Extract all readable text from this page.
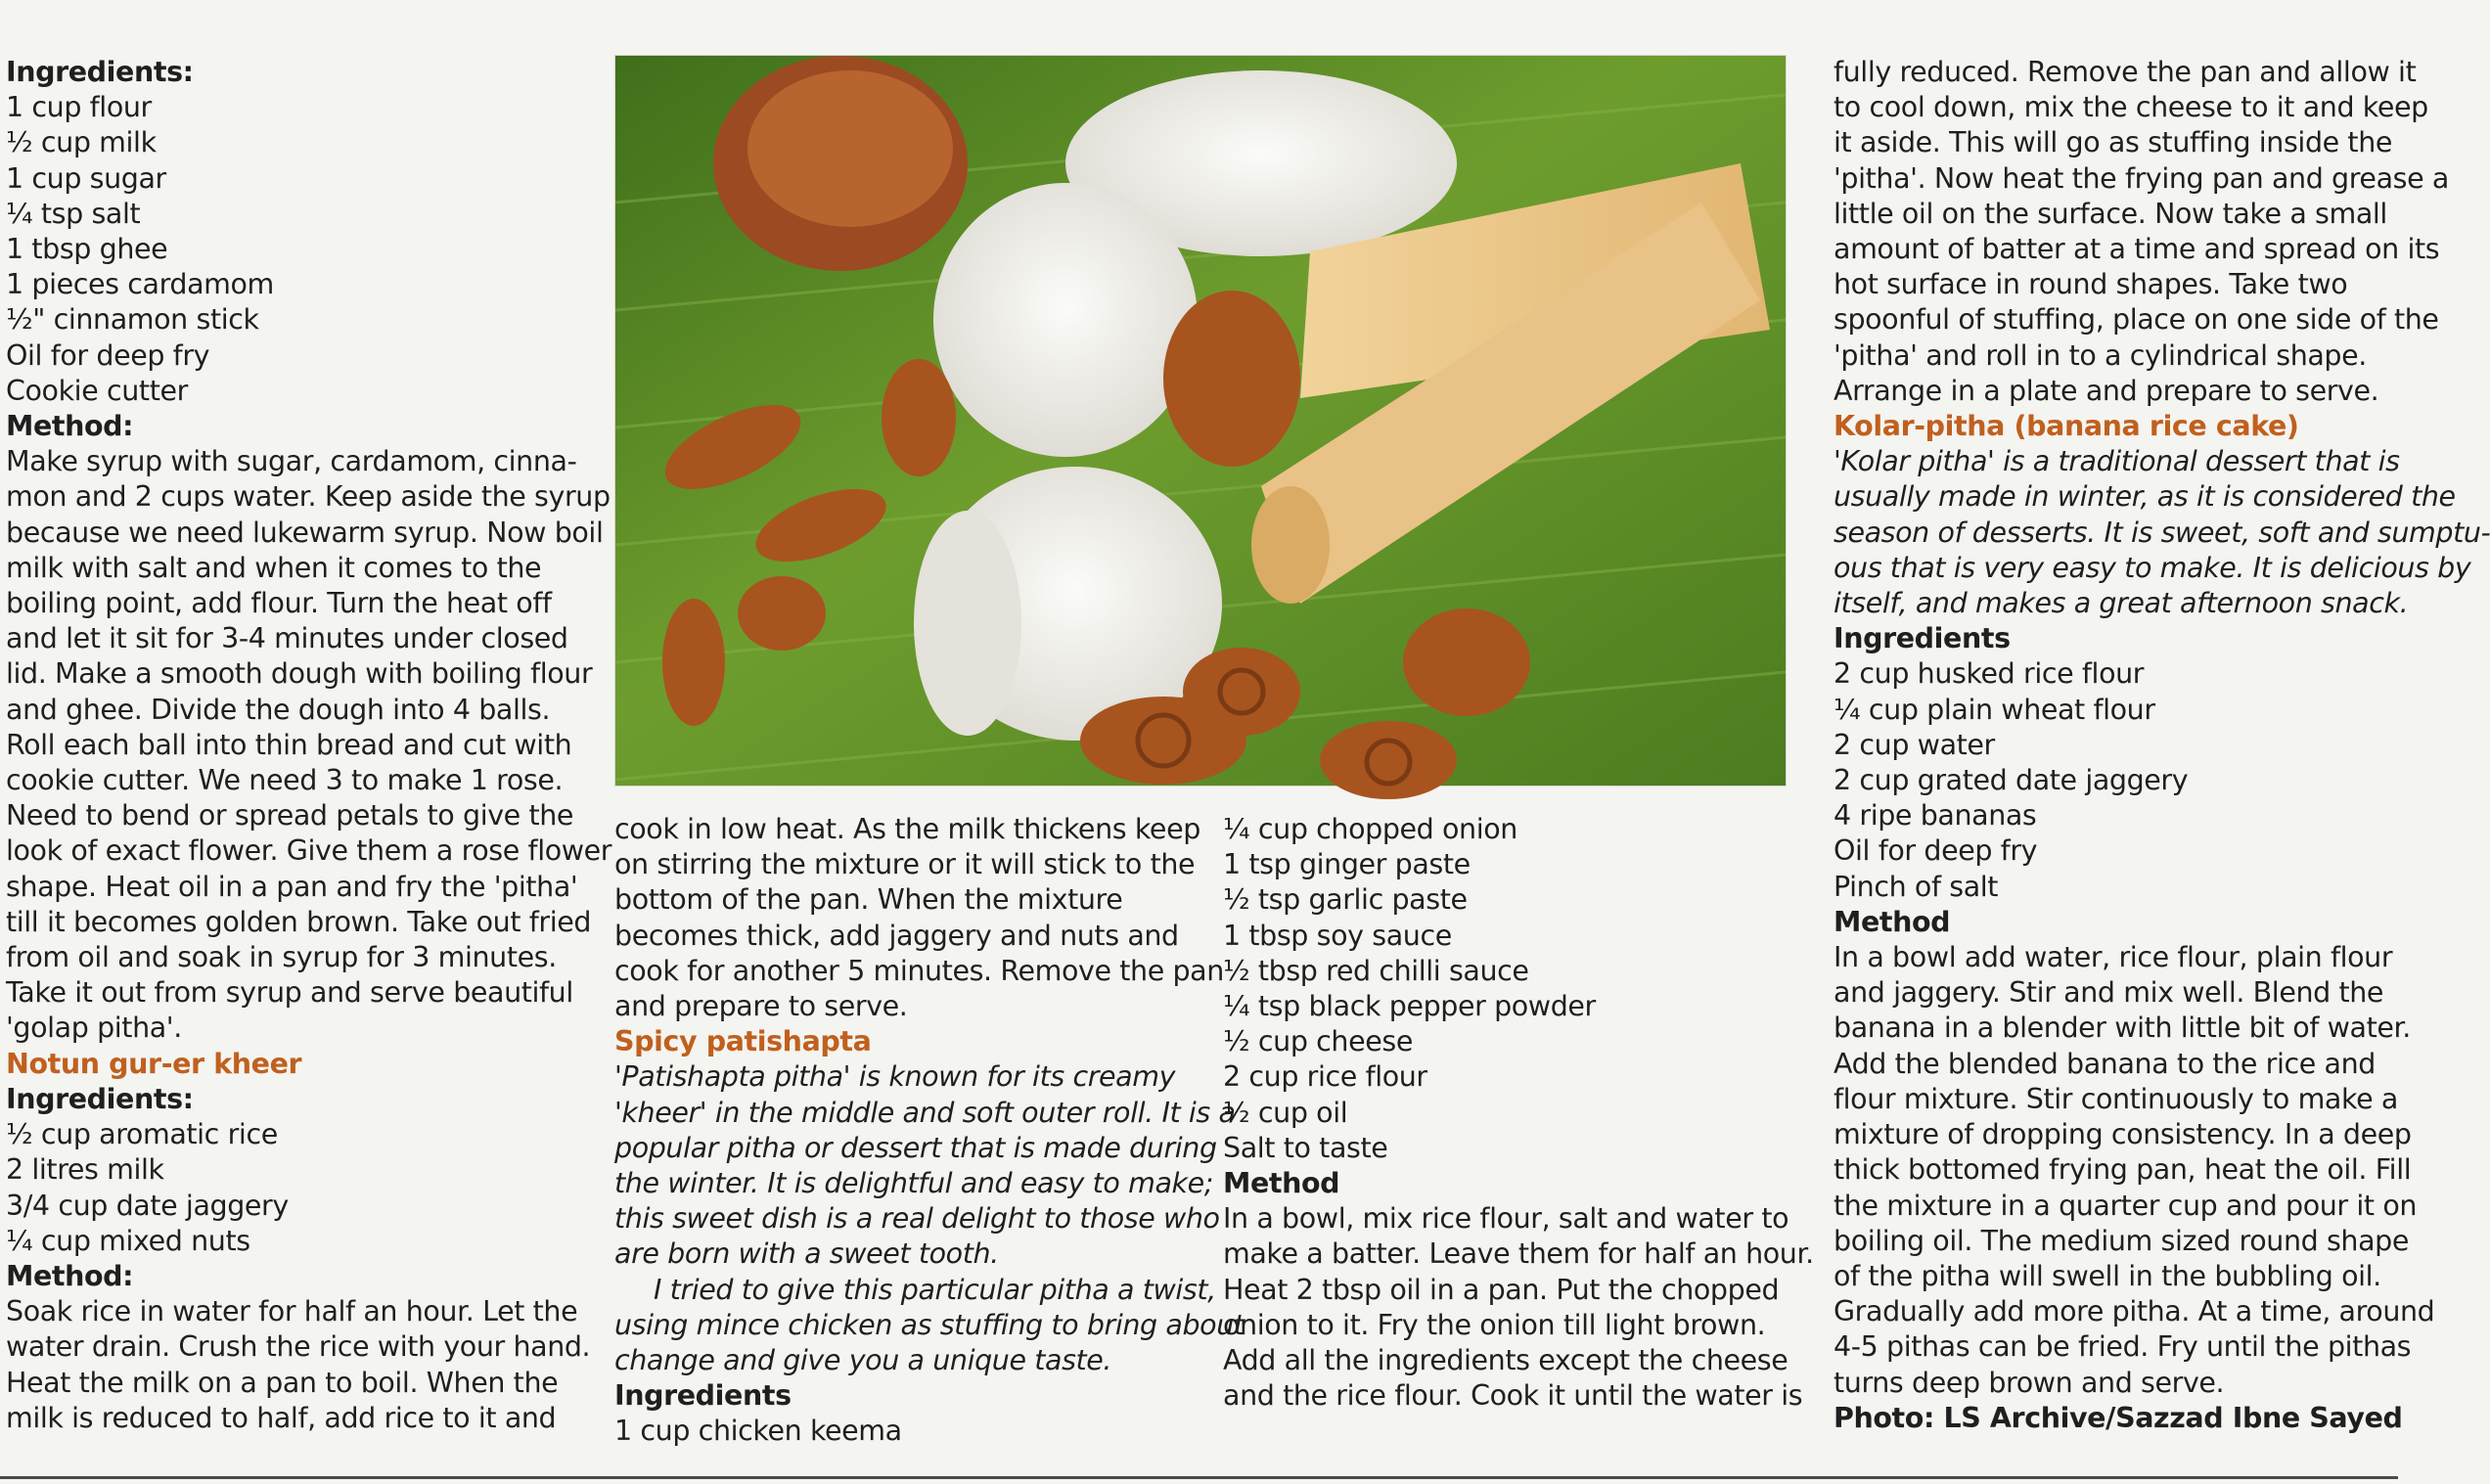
Ingredients:
1 cup flour
½ cup milk
1 cup sugar
¼ tsp salt
1 tbsp ghee
1 pieces cardamom
½" cinnamon stick
Oil for deep fry
Cookie cutter
Method:
Make syrup with sugar, cardamom, cinna-
mon and 2 cups water. Keep aside the syrup
because we need lukewarm syrup. Now boil
milk with salt and when it comes to the
boiling point, add flour. Turn the heat off
and let it sit for 3-4 minutes under closed
lid. Make a smooth dough with boiling flour
and ghee. Divide the dough into 4 balls.
Roll each ball into thin bread and cut with
cookie cutter. We need 3 to make 1 rose.
Need to bend or spread petals to give the
look of exact flower. Give them a rose flower
shape. Heat oil in a pan and fry the 'pitha'
till it becomes golden brown. Take out fried
from oil and soak in syrup for 3 minutes.
Take it out from syrup and serve beautiful
'golap pitha'.
Notun gur-er kheer
Ingredients:
½ cup aromatic rice
2 litres milk
3/4 cup date jaggery
¼ cup mixed nuts
Method:
Soak rice in water for half an hour. Let the
water drain. Crush the rice with your hand.
Heat the milk on a pan to boil. When the
milk is reduced to half, add rice to it and
cook in low heat. As the milk thickens keep
on stirring the mixture or it will stick to the
bottom of the pan. When the mixture
becomes thick, add jaggery and nuts and
cook for another 5 minutes. Remove the pan
and prepare to serve.
Spicy patishapta
'Patishapta pitha' is known for its creamy
'kheer' in the middle and soft outer roll. It is a
popular pitha or dessert that is made during
the winter. It is delightful and easy to make;
this sweet dish is a real delight to those who
are born with a sweet tooth.
I tried to give this particular pitha a twist,
using mince chicken as stuffing to bring about
change and give you a unique taste.
Ingredients
1 cup chicken keema
¼ cup chopped onion
1 tsp ginger paste
½ tsp garlic paste
1 tbsp soy sauce
½ tbsp red chilli sauce
¼ tsp black pepper powder
½ cup cheese
2 cup rice flour
½ cup oil
Salt to taste
Method
In a bowl, mix rice flour, salt and water to
make a batter. Leave them for half an hour.
Heat 2 tbsp oil in a pan. Put the chopped
onion to it. Fry the onion till light brown.
Add all the ingredients except the cheese
and the rice flour. Cook it until the water is
fully reduced. Remove the pan and allow it
to cool down, mix the cheese to it and keep
it aside. This will go as stuffing inside the
'pitha'. Now heat the frying pan and grease a
little oil on the surface. Now take a small
amount of batter at a time and spread on its
hot surface in round shapes. Take two
spoonful of stuffing, place on one side of the
'pitha' and roll in to a cylindrical shape.
Arrange in a plate and prepare to serve.
Kolar-pitha (banana rice cake)
'Kolar pitha' is a traditional dessert that is
usually made in winter, as it is considered the
season of desserts. It is sweet, soft and sumptu-
ous that is very easy to make. It is delicious by
itself, and makes a great afternoon snack.
Ingredients
2 cup husked rice flour
¼ cup plain wheat flour
2 cup water
2 cup grated date jaggery
4 ripe bananas
Oil for deep fry
Pinch of salt
Method
In a bowl add water, rice flour, plain flour
and jaggery. Stir and mix well. Blend the
banana in a blender with little bit of water.
Add the blended banana to the rice and
flour mixture. Stir continuously to make a
mixture of dropping consistency. In a deep
thick bottomed frying pan, heat the oil. Fill
the mixture in a quarter cup and pour it on
boiling oil. The medium sized round shape
of the pitha will swell in the bubbling oil.
Gradually add more pitha. At a time, around
4-5 pithas can be fried. Fry until the pithas
turns deep brown and serve.
Photo: LS Archive/Sazzad Ibne Sayed
